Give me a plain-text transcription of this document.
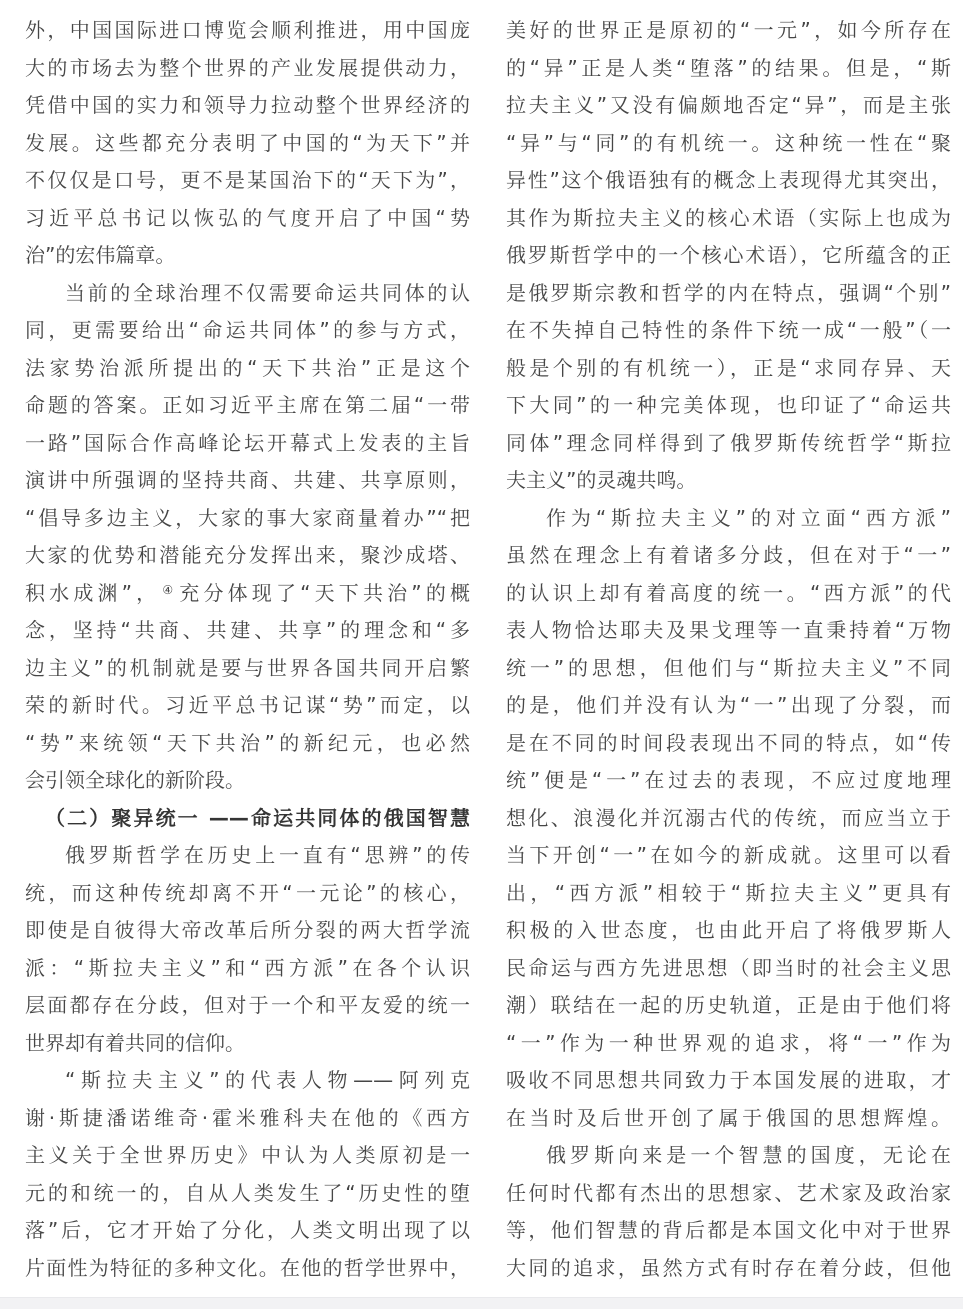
外，中国国际进口博览会顺利推进，用中国庞
大的市场去为整个世界的产业发展提供动力，
凭借中国的实力和领导力拉动整个世界经济的
发展。这些都充分表明了中国的“为天下”并
不仅仅是口号，更不是某国治下的“天下为”，
习近平总书记以恢弘的气度开启了中国“势
治”的宏伟篇章。
当前的全球治理不仅需要命运共同体的认
同，更需要给出“命运共同体”的参与方式，
法家势治派所提出的“天下共治”正是这个
命题的答案。正如习近平主席在第二届“一带
一路”国际合作高峰论坛开幕式上发表的主旨
演讲中所强调的坚持共商、共建、共享原则，
“倡导多边主义，大家的事大家商量着办”“把
大家的优势和潜能充分发挥出来，聚沙成塔、
积水成渊”， ④ 充分体现了“天下共治”的概
念，坚持“共商、共建、共享”的理念和“多
边主义”的机制就是要与世界各国共同开启繁
荣的新时代。习近平总书记谋“势”而定，以
“势”来统领“天下共治”的新纪元，也必然
会引领全球化的新阶段。
（二）聚异统一 ——命运共同体的俄国智慧
俄罗斯哲学在历史上一直有“思辨”的传
统，而这种传统却离不开“一元论”的核心，
即使是自彼得大帝改革后所分裂的两大哲学流
派：“斯拉夫主义”和“西方派”在各个认识
层面都存在分歧，但对于一个和平友爱的统一
世界却有着共同的信仰。
“斯拉夫主义”的代表人物——阿列克
谢·斯捷潘诺维奇·霍米雅科夫在他的《西方
主义关于全世界历史》中认为人类原初是一
元的和统一的，自从人类发生了“历史性的堕
落”后，它才开始了分化，人类文明出现了以
片面性为特征的多种文化。在他的哲学世界中，
美好的世界正是原初的“一元”，如今所存在
的“异”正是人类“堕落”的结果。但是，“斯
拉夫主义”又没有偏颇地否定“异”，而是主张
“异”与“同”的有机统一。这种统一性在“聚
异性”这个俄语独有的概念上表现得尤其突出，
其作为斯拉夫主义的核心术语（实际上也成为
俄罗斯哲学中的一个核心术语），它所蕴含的正
是俄罗斯宗教和哲学的内在特点，强调“个别”
在不失掉自己特性的条件下统一成“一般”（一
般是个别的有机统一），正是“求同存异、天
下大同”的一种完美体现，也印证了“命运共
同体”理念同样得到了俄罗斯传统哲学“斯拉
夫主义”的灵魂共鸣。
作为“斯拉夫主义”的对立面“西方派”
虽然在理念上有着诸多分歧，但在对于“一”
的认识上却有着高度的统一。“西方派”的代
表人物恰达耶夫及果戈理等一直秉持着“万物
统一”的思想，但他们与“斯拉夫主义”不同
的是，他们并没有认为“一”出现了分裂，而
是在不同的时间段表现出不同的特点，如“传
统”便是“一”在过去的表现，不应过度地理
想化、浪漫化并沉溺古代的传统，而应当立于
当下开创“一”在如今的新成就。这里可以看
出，“西方派”相较于“斯拉夫主义”更具有
积极的入世态度，也由此开启了将俄罗斯人
民命运与西方先进思想（即当时的社会主义思
潮）联结在一起的历史轨道，正是由于他们将
“一”作为一种世界观的追求，将“一”作为
吸收不同思想共同致力于本国发展的进取，才
在当时及后世开创了属于俄国的思想辉煌。
俄罗斯向来是一个智慧的国度，无论在
任何时代都有杰出的思想家、艺术家及政治家
等，他们智慧的背后都是本国文化中对于世界
大同的追求，虽然方式有时存在着分歧，但他
